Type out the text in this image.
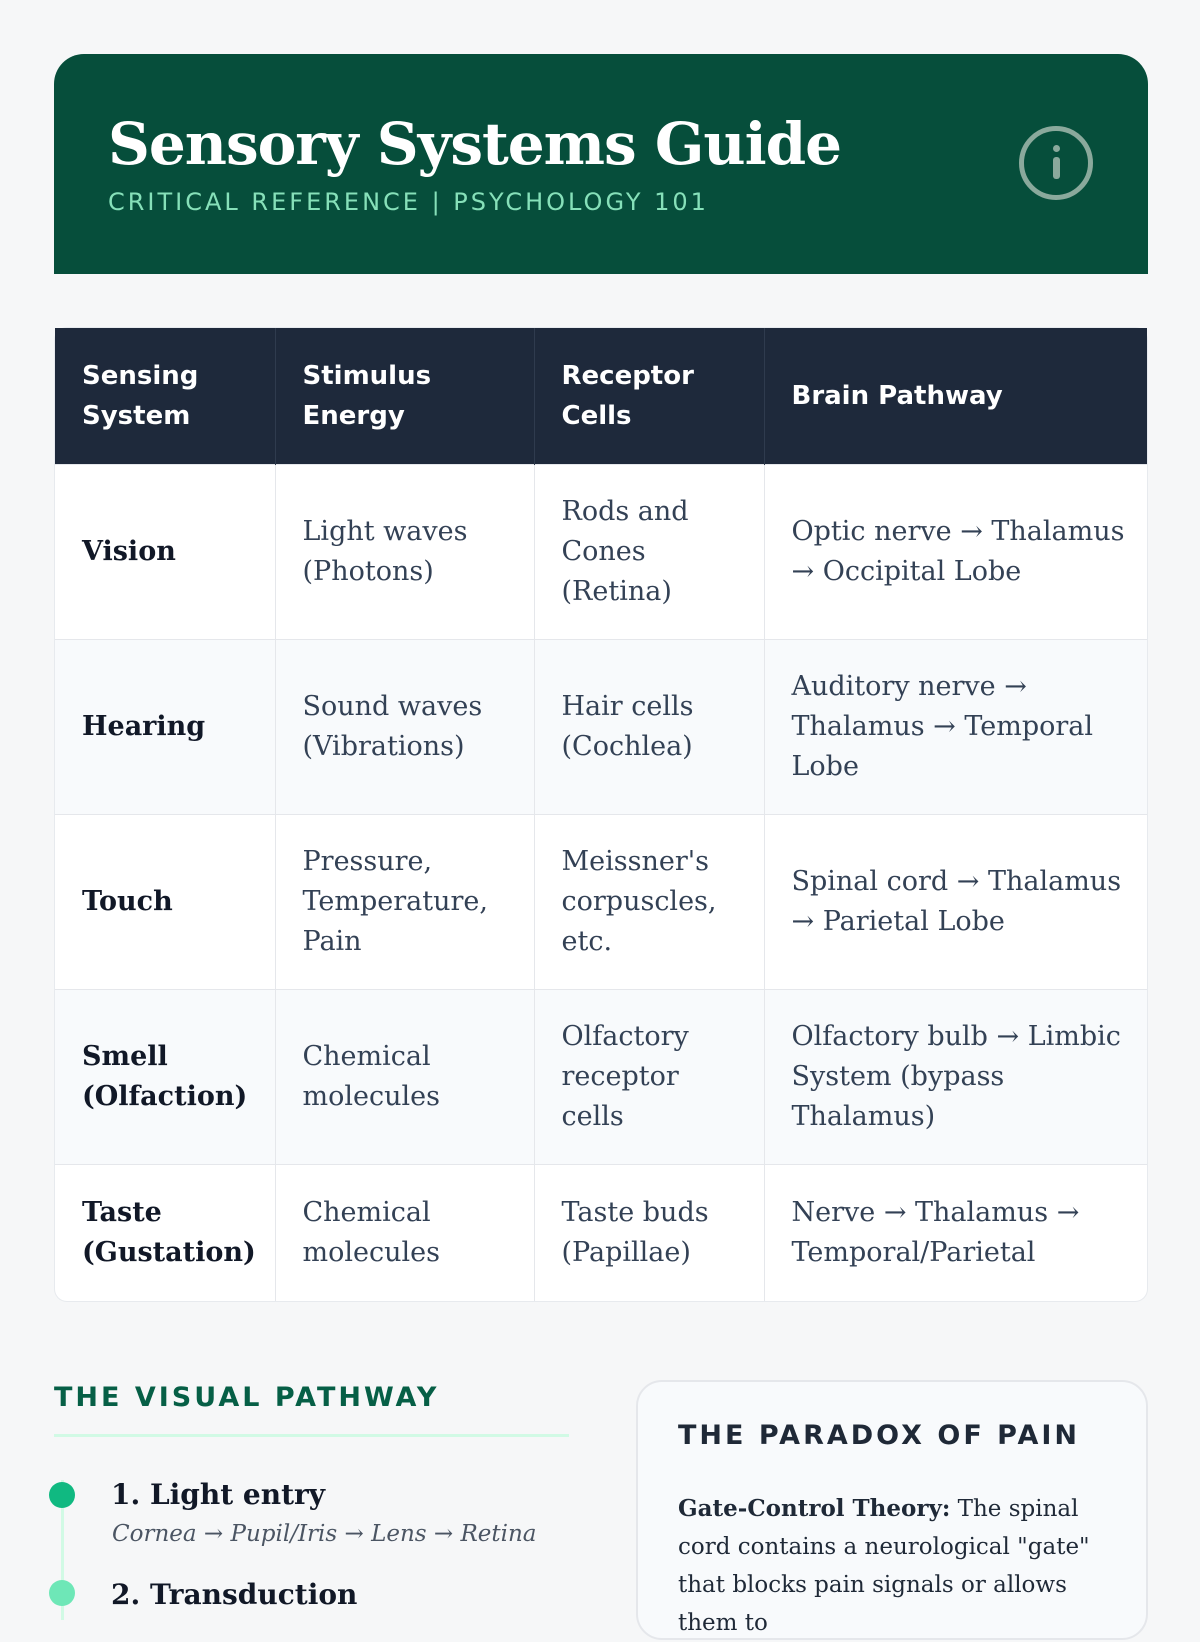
Sensory Systems Guide
CRITICAL REFERENCE | PSYCHOLOGY 101
Sensing System	Stimulus Energy	Receptor Cells	Brain Pathway
Vision	Light waves (Photons)	Rods and Cones (Retina)	Optic nerve → Thalamus → Occipital Lobe
Hearing	Sound waves (Vibrations)	Hair cells (Cochlea)	Auditory nerve → Thalamus → Temporal Lobe
Touch	Pressure, Temperature, Pain	Meissner's corpuscles, etc.	Spinal cord → Thalamus → Parietal Lobe
Smell (Olfaction)	Chemical molecules	Olfactory receptor cells	Olfactory bulb → Limbic System (bypass Thalamus)
Taste (Gustation)	Chemical molecules	Taste buds (Papillae)	Nerve → Thalamus → Temporal/Parietal
THE VISUAL PATHWAY
1. Light entry
Cornea → Pupil/Iris → Lens → Retina
2. Transduction
THE PARADOX OF PAIN
Gate-Control Theory: The spinal cord contains a neurological "gate" that blocks pain signals or allows them to
